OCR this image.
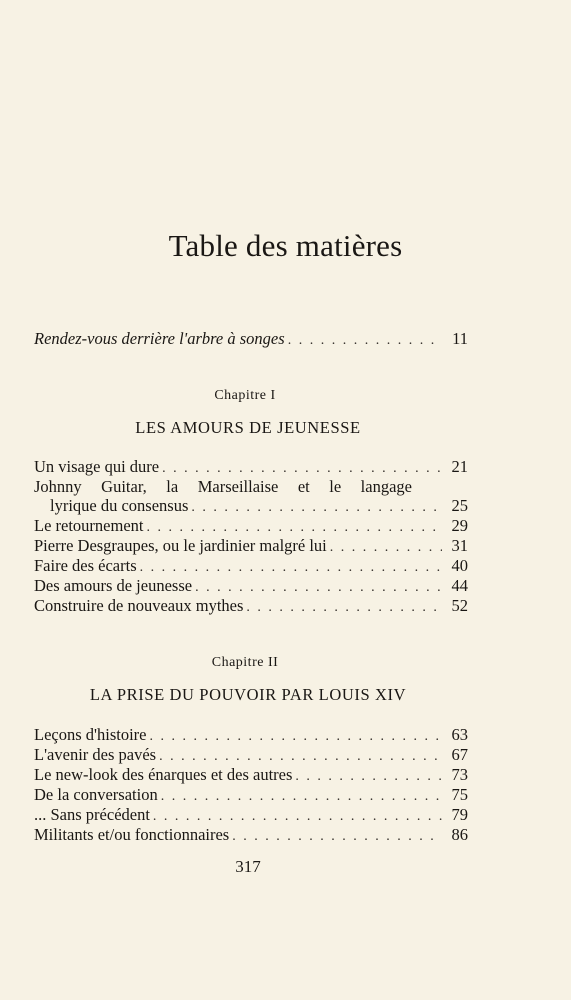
Table des matières
Rendez-vous derrière l'arbre à songes . . .	11
Chapitre I
LES AMOURS DE JEUNESSE
Un visage qui dure . . .	21
Johnny Guitar, la Marseillaise et le langage
lyrique du consensus . . .	25
Le retournement . . .	29
Pierre Desgraupes, ou le jardinier malgré lui . . .	31
Faire des écarts . . .	40
Des amours de jeunesse . . .	44
Construire de nouveaux mythes . . .	52
Chapitre II
LA PRISE DU POUVOIR PAR LOUIS XIV
Leçons d'histoire . . .	63
L'avenir des pavés . . .	67
Le new-look des énarques et des autres . . .	73
De la conversation . . .	75
... Sans précédent . . .	79
Militants et/ou fonctionnaires . . .	86
317
